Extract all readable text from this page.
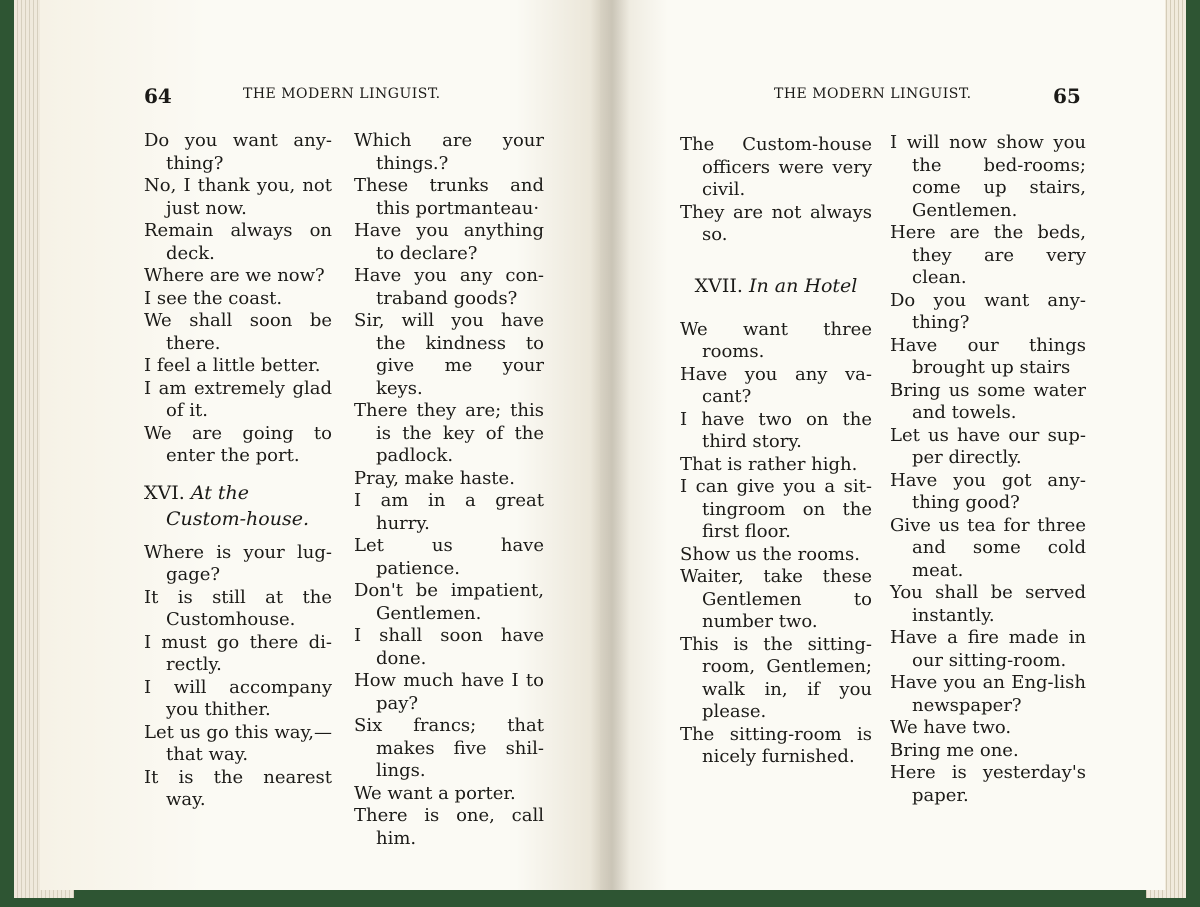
64	THE MODERN LINGUIST.

Do you want any-thing?

No, I thank you, not just now.

Remain always on deck.

Where are we now?

I see the coast.

We shall soon be there.

I feel a little better.

I am extremely glad of it.

We are going to enter the port.

XVI. At the Custom-house.

Where is your lug-gage?

It is still at the Customhouse.

I must go there di-rectly.

I will accompany you thither.

Let us go this way,— that way.

It is the nearest way.

Which are your things.?

These trunks and this portmanteau·

Have you anything to declare?

Have you any con-traband goods?

Sir, will you have the kindness to give me your keys.

There they are; this is the key of the padlock.

Pray, make haste.

I am in a great hurry.

Let us have patience.

Don't be impatient, Gentlemen.

I shall soon have done.

How much have I to pay?

Six francs; that makes five shil-lings.

We want a porter.

There is one, call him.

THE MODERN LINGUIST.	65

The Custom-house officers were very civil.

They are not always so.

XVII. In an Hotel

We want three rooms.

Have you any va-cant?

I have two on the third story.

That is rather high.

I can give you a sit-tingroom on the first floor.

Show us the rooms.

Waiter, take these Gentlemen to number two.

This is the sitting-room, Gentlemen; walk in, if you please.

The sitting-room is nicely furnished.

I will now show you the bed-rooms; come up stairs, Gentlemen.

Here are the beds, they are very clean.

Do you want any-thing?

Have our things brought up stairs

Bring us some water and towels.

Let us have our sup-per directly.

Have you got any-thing good?

Give us tea for three and some cold meat.

You shall be served instantly.

Have a fire made in our sitting-room.

Have you an Eng-lish newspaper?

We have two.

Bring me one.

Here is yesterday's paper.
